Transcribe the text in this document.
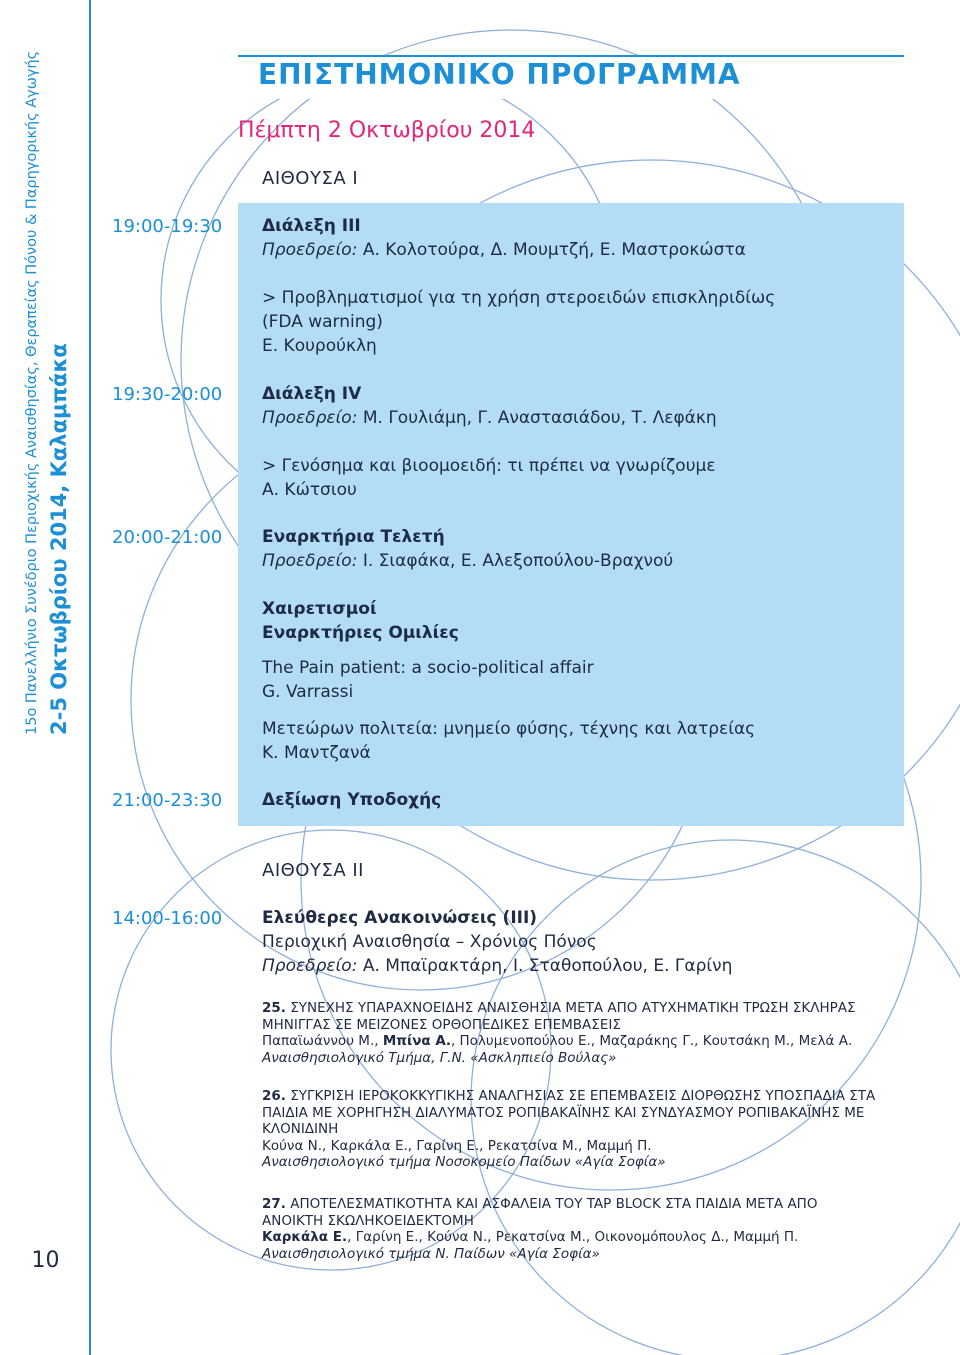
15ο Πανελλήνιο Συνέδριο Περιοχικής Αναισθησίας, Θεραπείας Πόνου & Παρηγορικής Αγωγής 2-5 Οκτωβρίου 2014, Καλαμπάκα
10
ΕΠΙΣΤΗΜΟΝΙΚΟ ΠΡΟΓΡΑΜΜΑ
Πέμπτη 2 Οκτωβρίου 2014
ΑΙΘΟΥΣΑ Ι
19:00-19:30 Διάλεξη ΙΙΙ
Προεδρείο: Α. Κολοτούρα, Δ. Μουμτζή, Ε. Μαστροκώστα
> Προβληματισμοί για τη χρήση στεροειδών επισκληριδίως
(FDA warning)
Ε. Κουρούκλη
19:30-20:00 Διάλεξη ΙV
Προεδρείο: Μ. Γουλιάμη, Γ. Αναστασιάδου, Τ. Λεφάκη
> Γενόσημα και βιοομοειδή: τι πρέπει να γνωρίζουμε
Α. Κώτσιου
20:00-21:00 Εναρκτήρια Τελετή
Προεδρείο: Ι. Σιαφάκα, Ε. Αλεξοπούλου-Βραχνού
Χαιρετισμοί
Εναρκτήριες Ομιλίες
The Pain patient: a socio-political affair
G. Varrassi
Μετεώρων πολιτεία: μνημείο φύσης, τέχνης και λατρείας
Κ. Μαντζανά
21:00-23:30 Δεξίωση Υποδοχής
ΑΙΘΟΥΣΑ ΙΙ
14:00-16:00 Ελεύθερες Ανακοινώσεις (ΙΙΙ)
Περιοχική Αναισθησία – Χρόνιος Πόνος
Προεδρείο: Α. Μπαϊρακτάρη, Ι. Σταθοπούλου, Ε. Γαρίνη
25. ΣΥΝΕΧΗΣ ΥΠΑΡΑΧΝΟΕΙΔΗΣ ΑΝΑΙΣΘΗΣΙΑ ΜΕΤΑ ΑΠΟ ΑΤΥΧΗΜΑΤΙΚΗ ΤΡΩΣΗ ΣΚΛΗΡΑΣ ΜΗΝΙΓΓΑΣ ΣΕ ΜΕΙΖΟΝΕΣ ΟΡΘΟΠΕΔΙΚΕΣ ΕΠΕΜΒΑΣΕΙΣ
Παπαϊωάννου Μ., Μπίνα Α., Πολυμενοπούλου Ε., Μαζαράκης Γ., Κουτσάκη Μ., Μελά Α.
Αναισθησιολογικό Τμήμα, Γ.Ν. «Ασκληπιείο Βούλας»
26. ΣΥΓΚΡΙΣΗ ΙΕΡΟΚΟΚΚΥΓΙΚΗΣ ΑΝΑΛΓΗΣΙΑΣ ΣΕ ΕΠΕΜΒΑΣΕΙΣ ΔΙΟΡΘΩΣΗΣ ΥΠΟΣΠΑΔΙΑ ΣΤΑ ΠΑΙΔΙΑ ΜΕ ΧΟΡΗΓΗΣΗ ΔΙΑΛΥΜΑΤΟΣ ΡΟΠΙΒΑΚΑΪΝΗΣ ΚΑΙ ΣΥΝΔΥΑΣΜΟΥ ΡΟΠΙΒΑΚΑΪΝΗΣ ΜΕ ΚΛΟΝΙΔΙΝΗ
Κούνα Ν., Καρκάλα Ε., Γαρίνη Ε., Ρεκατσίνα Μ., Μαμμή Π.
Αναισθησιολογικό τμήμα Νοσοκομείο Παίδων «Αγία Σοφία»
27. ΑΠΟΤΕΛΕΣΜΑΤΙΚΟΤΗΤΑ ΚΑΙ ΑΣΦΑΛΕΙΑ ΤΟΥ TAP BLOCK ΣΤΑ ΠΑΙΔΙΑ ΜΕΤΑ ΑΠΟ ΑΝΟΙΚΤΗ ΣΚΩΛΗΚΟΕΙΔΕΚΤΟΜΗ
Καρκάλα Ε., Γαρίνη Ε., Κούνα Ν., Ρεκατσίνα Μ., Οικονομόπουλος Δ., Μαμμή Π.
Αναισθησιολογικό τμήμα Ν. Παίδων «Αγία Σοφία»
